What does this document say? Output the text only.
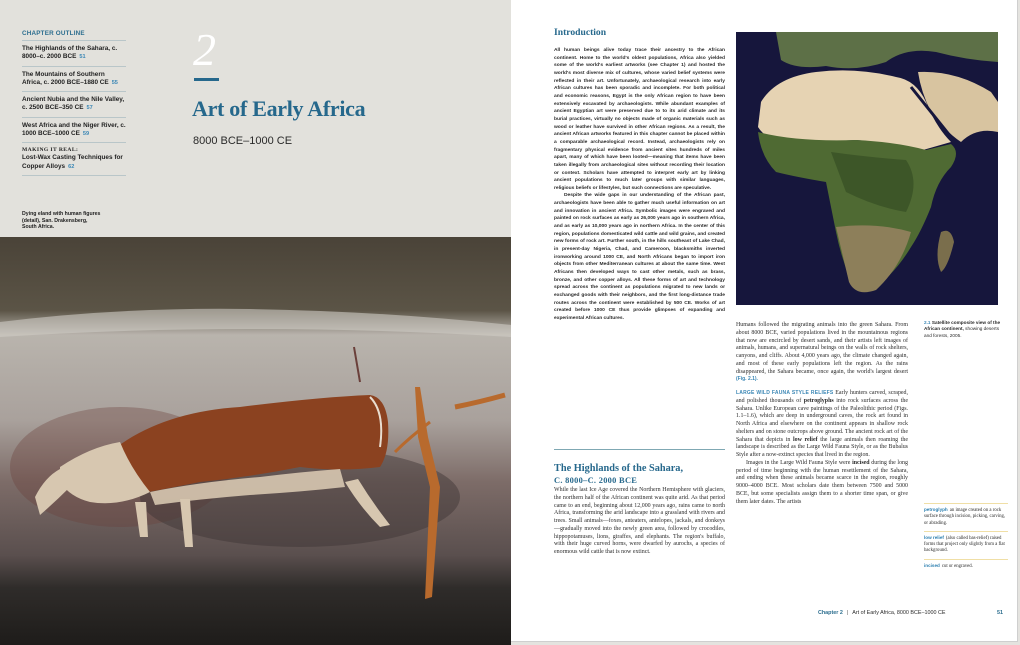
CHAPTER OUTLINE
The Highlands of the Sahara, c. 8000–c. 2000 BCE 51
The Mountains of Southern Africa, c. 2000 BCE–1880 CE 55
Ancient Nubia and the Nile Valley, c. 2500 BCE–350 CE 57
West Africa and the Niger River, c. 1000 BCE–1000 CE 59
MAKING IT REAL:
Lost-Wax Casting Techniques for Copper Alloys 62
2
Art of Early Africa
8000 BCE–1000 CE
Dying eland with human figures (detail), San. Drakensberg, South Africa.
Introduction

All human beings alive today trace their ancestry to the African continent. Home to the world's oldest populations, Africa also yielded some of the world's earliest artworks (see Chapter 1) and hosted the world's most diverse mix of cultures, whose varied belief systems were reflected in their art. Unfortunately, archaeological research into early African cultures has been sporadic and incomplete. For both political and economic reasons, Egypt is the only African region to have been extensively excavated by archaeologists. While abundant examples of ancient Egyptian art were preserved due to to its arid climate and its burial practices, virtually no objects made of organic materials such as wood or leather have survived in other African regions. As a result, the ancient African artworks featured in this chapter cannot be placed within a comparable archaeological record. Instead, archaeologists rely on fragmentary physical evidence from ancient sites hundreds of miles apart, many of which have been looted—meaning that items have been taken illegally from archaeological sites without recording their location or context. Scholars have attempted to interpret early art by linking ancient populations to much later groups with similar languages, religious beliefs or lifestyles, but such connections are speculative.

Despite the wide gaps in our understanding of the African past, archaeologists have been able to gather much useful information on art and innovation in ancient Africa. Symbolic images were engraved and painted on rock surfaces as early as 26,000 years ago in southern Africa, and as early as 10,000 years ago in northern Africa. In the center of this region, populations domesticated wild cattle and wild grains, and created new forms of rock art. Further south, in the hills southeast of Lake Chad, in present-day Nigeria, Chad, and Cameroon, blacksmiths inverted ironworking around 1000 CE, and North Africans began to import iron objects from other Mediterranean cultures at about the same time. West Africans then developed ways to cast other metals, such as brass, bronze, and other copper alloys. All these forms of art and technology spread across the continent as populations migrated to new lands or exchanged goods with their neighbors, and the first long-distance trade routes across the continent were established by 500 CE. Works of art created before 1000 CE thus provide glimpses of expanding and experimental African cultures.

The Highlands of the Sahara,
C. 8000–C. 2000 BCE
While the last Ice Age covered the Northern Hemisphere with glaciers, the northern half of the African continent was quite arid. As that period came to an end, beginning about 12,000 years ago, rains came to north Africa, transforming the arid landscape into a grassland with rivers and trees. Small animals—foxes, anteaters, antelopes, jackals, and donkeys—gradually moved into the newly green area, followed by crocodiles, hippopotamuses, lions, giraffes, and elephants. The region's buffalo, with their huge curved horns, were dwarfed by aurochs, a species of enormous wild cattle that is now extinct.
2.1 Satellite composite view of the African continent, showing deserts and forests, 2005.

Humans followed the migrating animals into the green Sahara. From about 8000 BCE, varied populations lived in the mountainous regions that now are encircled by desert sands, and their artists left images of animals, humans, and supernatural beings on the walls of rock shelters, canyons, and cliffs. About 4,000 years ago, the climate changed again, and most of these early populations left the region. As the rains disappeared, the Sahara became, once again, the world's largest desert (Fig. 2.1).

LARGE WILD FAUNA STYLE RELIEFS Early hunters carved, scraped, and polished thousands of petroglyphs into rock surfaces across the Sahara. Unlike European cave paintings of the Paleolithic period (Figs. 1.1–1.6), which are deep in underground caves, the rock art found in North Africa and elsewhere on the continent appears in shallow rock shelters and on stone outcrops above ground. The ancient rock art of the Sahara that depicts in low relief the large animals then roaming the landscape is described as the Large Wild Fauna Style, or as the Bubalus Style after a now-extinct species that lived in the region.

Images in the Large Wild Fauna Style were incised during the long period of time beginning with the human resettlement of the Sahara, and ending when these animals became scarce in the region, roughly 9000–4000 BCE. Most scholars date them between 7500 and 5000 BCE, but some specialists assign them to a shorter time span, or give them later dates. The artists

petroglyph an image created on a rock surface through incision, picking, carving, or abrading.
low relief (also called bas-relief) raised forms that project only slightly from a flat background.
incised cut or engraved.
Chapter 2 | Art of Early Africa, 8000 BCE–1000 CE	51
